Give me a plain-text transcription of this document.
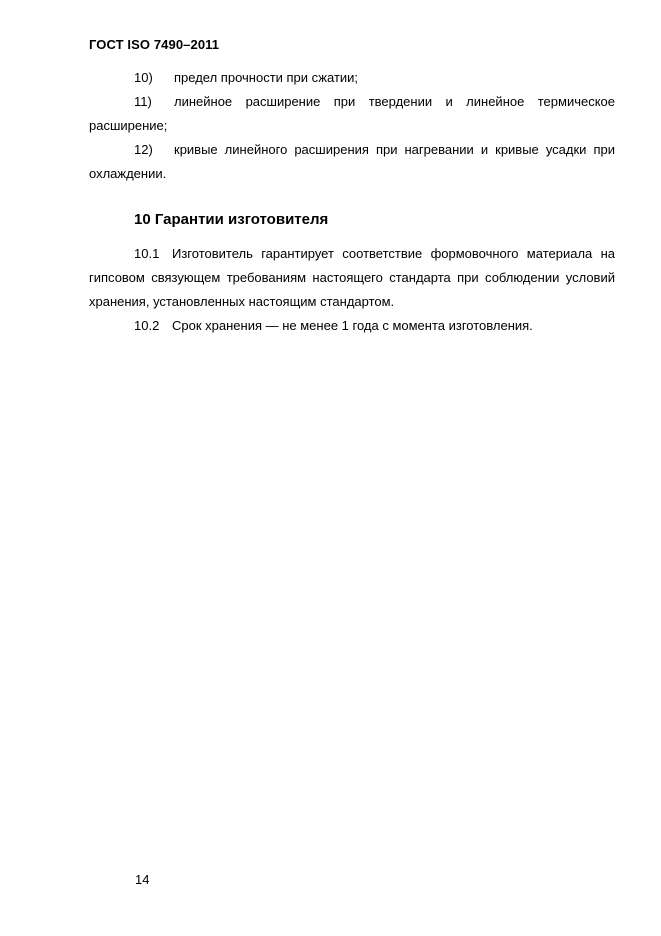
ГОСТ ISO 7490–2011

10) предел прочности при сжатии;

11) линейное расширение при твердении и линейное термическое расширение;

12) кривые линейного расширения при нагревании и кривые усадки при охлаждении.

10 Гарантии изготовителя

10.1 Изготовитель гарантирует соответствие формовочного материала на гипсовом связующем требованиям настоящего стандарта при соблюдении условий хранения, установленных настоящим стандартом.

10.2 Срок хранения — не менее 1 года с момента изготовления.

14
